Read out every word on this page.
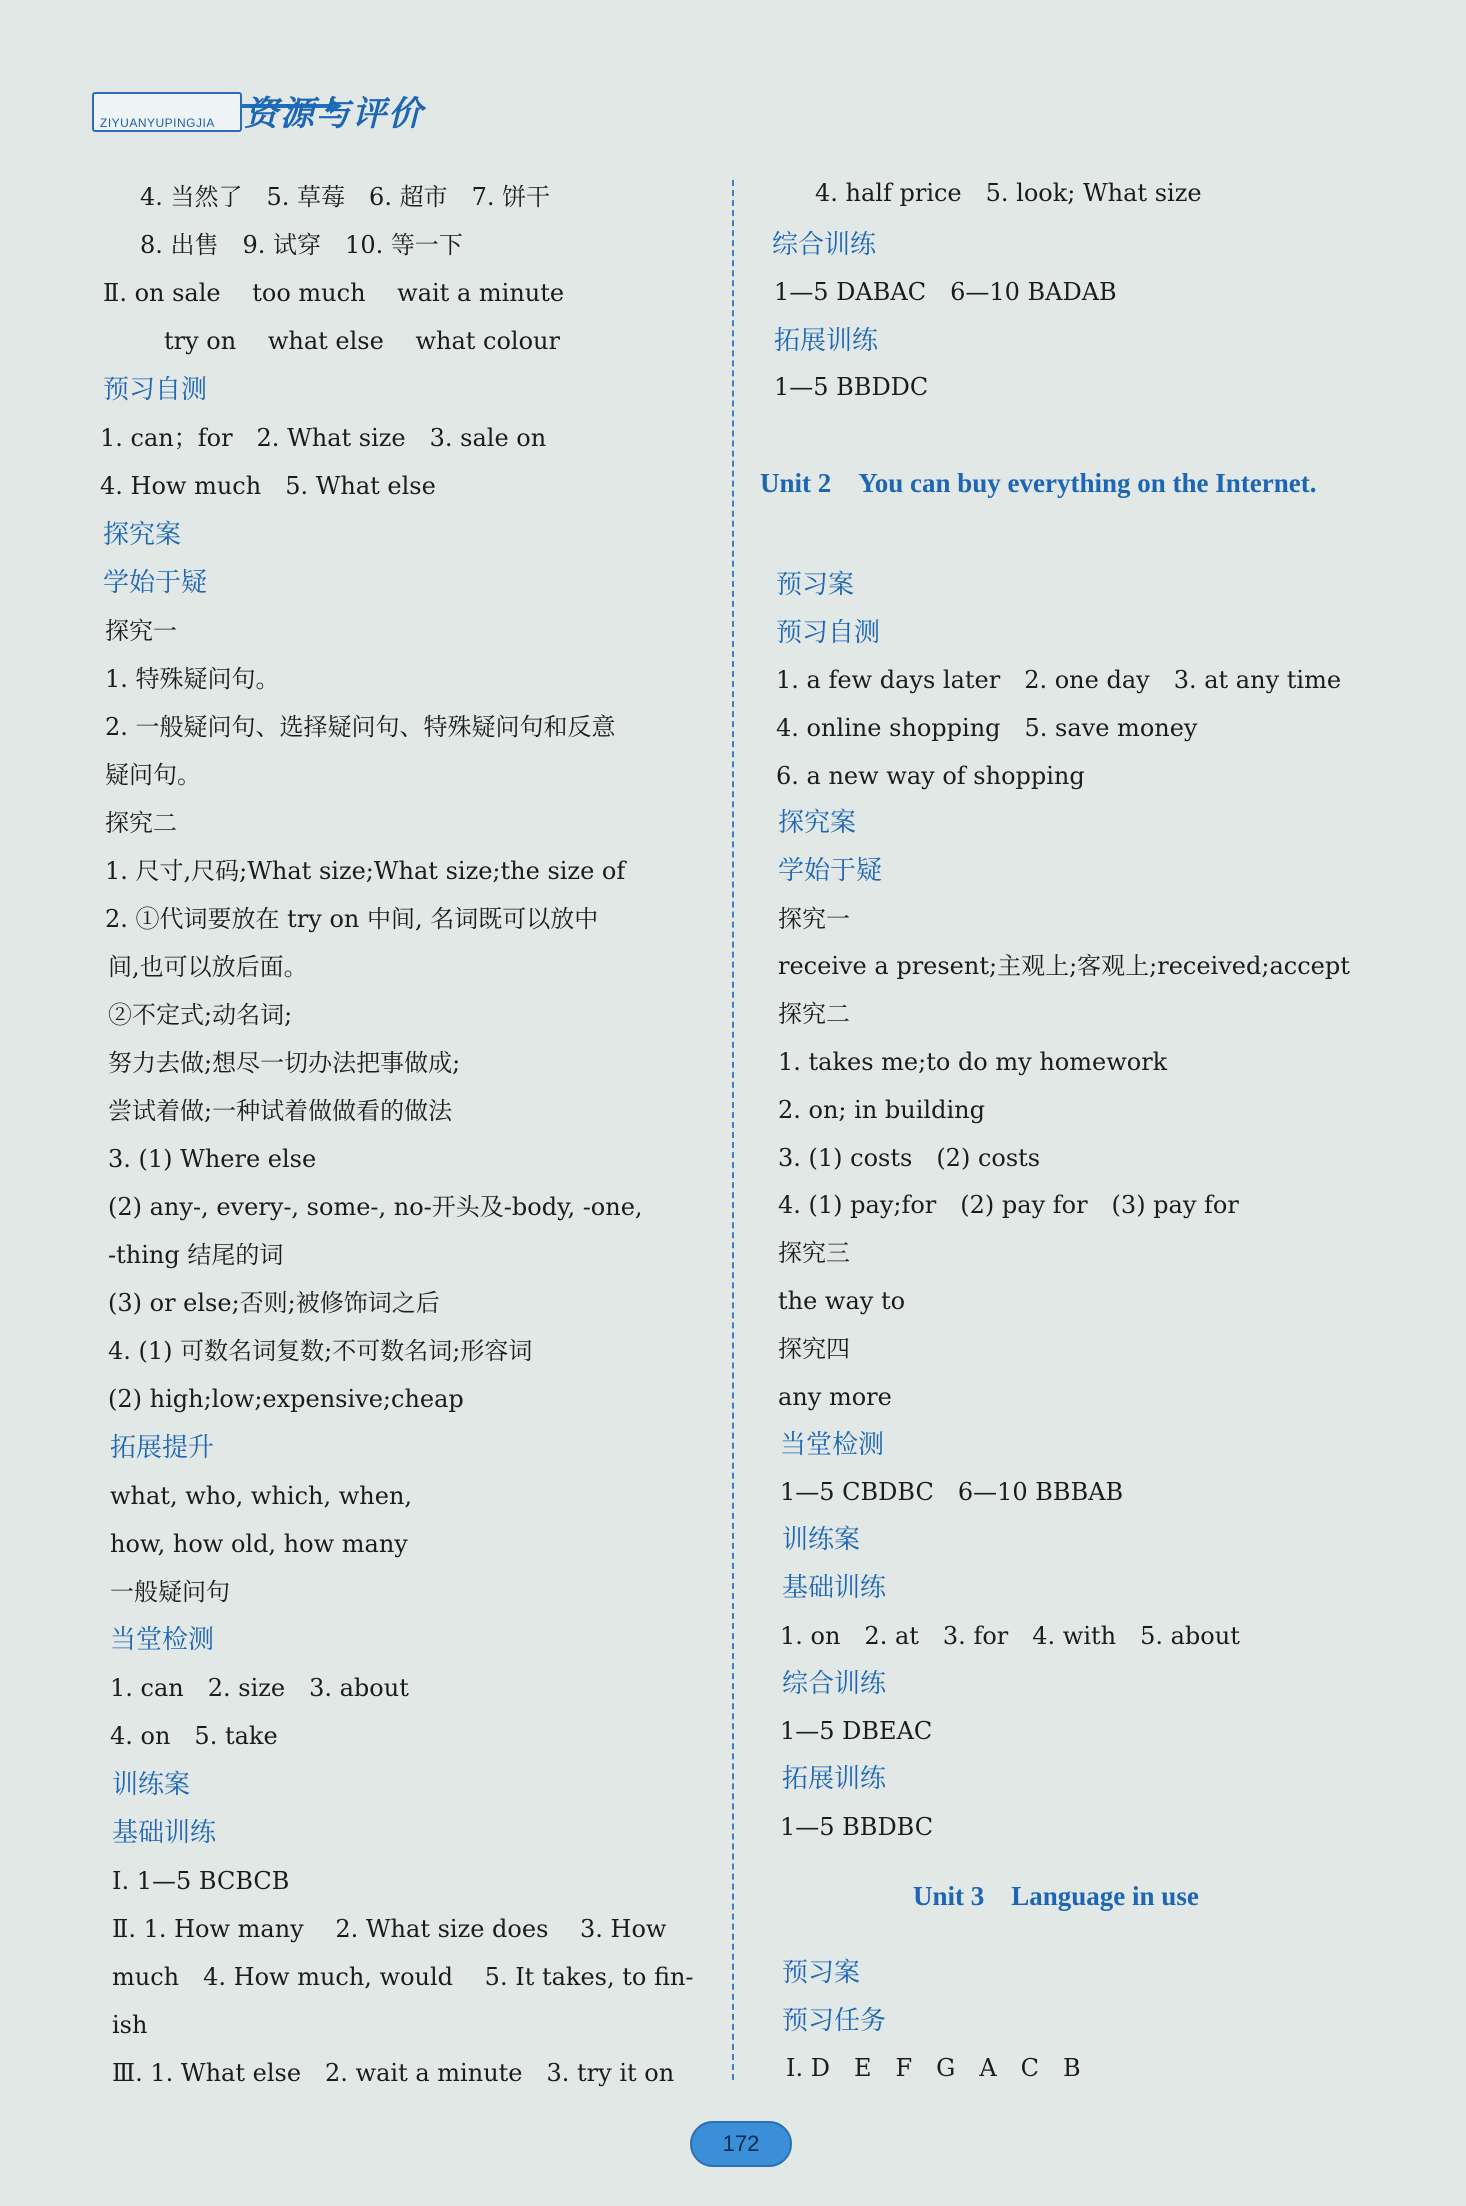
ZIYUANYUPINGJIA 资源与评价
4. 当然了　5. 草莓　6. 超市　7. 饼干
8. 出售　9. 试穿　10. 等一下
Ⅱ. on sale　 too much　 wait a minute
　try on　 what else　 what colour
预习自测
1. can；for　2. What size　3. sale on
4. How much　5. What else
探究案
学始于疑
探究一
1. 特殊疑问句。
2. 一般疑问句、选择疑问句、特殊疑问句和反意
疑问句。
探究二
1. 尺寸,尺码;What size;What size;the size of
2. ①代词要放在 try on 中间, 名词既可以放中
间,也可以放后面。
②不定式;动名词;
努力去做;想尽一切办法把事做成;
尝试着做;一种试着做做看的做法
3. (1) Where else
(2) any-, every-, some-, no-开头及-body, -one,
-thing 结尾的词
(3) or else;否则;被修饰词之后
4. (1) 可数名词复数;不可数名词;形容词
(2) high;low;expensive;cheap
拓展提升
what, who, which, when,
how, how old, how many
一般疑问句
当堂检测
1. can　2. size　3. about
4. on　5. take
训练案
基础训练
Ⅰ. 1—5 BCBCB
Ⅱ. 1. How many　 2. What size does　 3. How
much　4. How much, would　 5. It takes, to fin-
ish
Ⅲ. 1. What else　2. wait a minute　3. try it on
4. half price　5. look; What size
综合训练
1—5 DABAC　6—10 BADAB
拓展训练
1—5 BBDDC
Unit 2　You can buy everything on the Internet.
预习案
预习自测
1. a few days later　2. one day　3. at any time
4. online shopping　5. save money
6. a new way of shopping
探究案
学始于疑
探究一
receive a present;主观上;客观上;received;accept
探究二
1. takes me;to do my homework
2. on; in building
3. (1) costs　(2) costs
4. (1) pay;for　(2) pay for　(3) pay for
探究三
the way to
探究四
any more
当堂检测
1—5 CBDBC　6—10 BBBAB
训练案
基础训练
1. on　2. at　3. for　4. with　5. about
综合训练
1—5 DBEAC
拓展训练
1—5 BBDBC
Unit 3　Language in use
预习案
预习任务
Ⅰ. D　E　F　G　A　C　B
172
